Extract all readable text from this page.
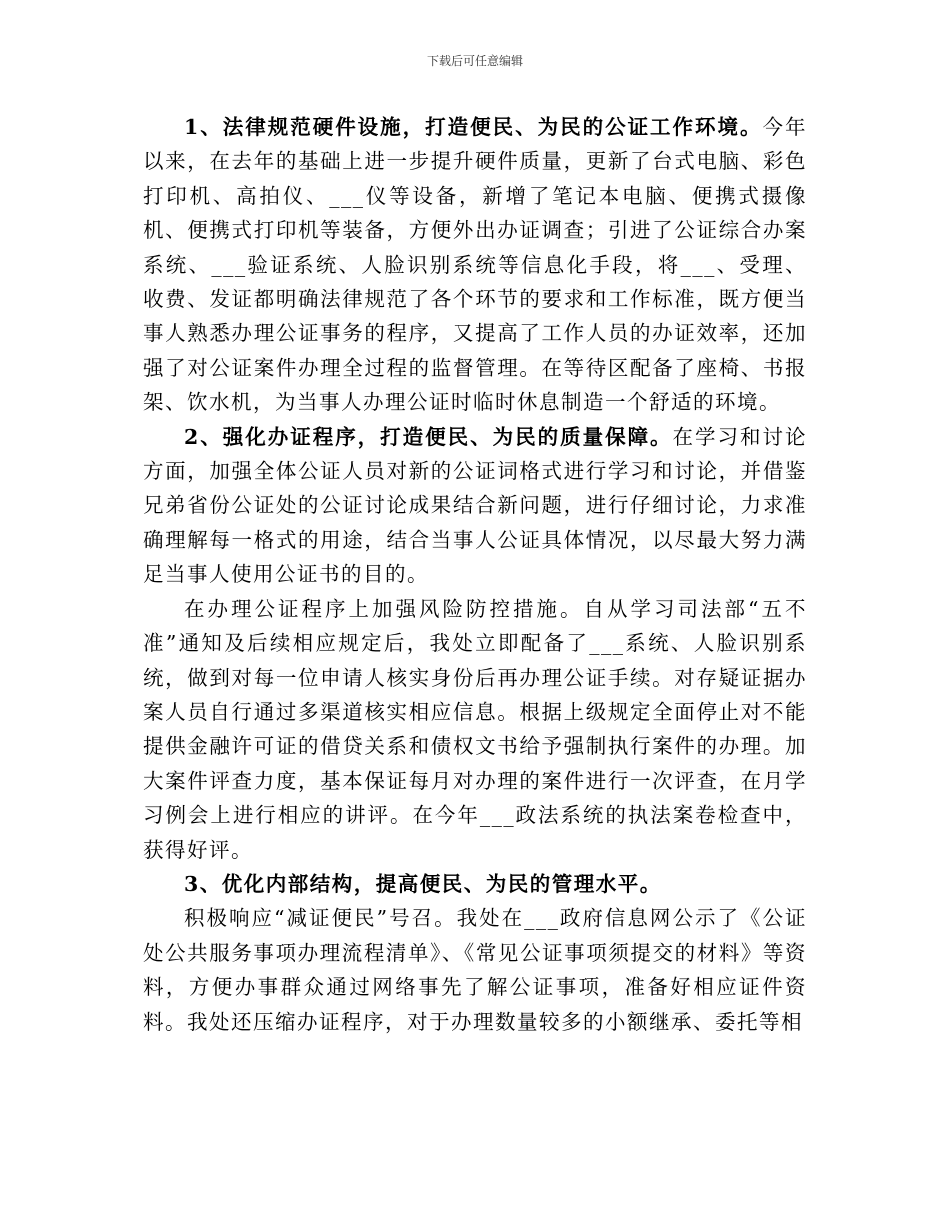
下载后可任意编辑

1、法律规范硬件设施，打造便民、为民的公证工作环境。今年以来，在去年的基础上进一步提升硬件质量，更新了台式电脑、彩色打印机、高拍仪、___仪等设备，新增了笔记本电脑、便携式摄像机、便携式打印机等装备，方便外出办证调查；引进了公证综合办案系统、___验证系统、人脸识别系统等信息化手段，将___、受理、收费、发证都明确法律规范了各个环节的要求和工作标准，既方便当事人熟悉办理公证事务的程序，又提高了工作人员的办证效率，还加强了对公证案件办理全过程的监督管理。在等待区配备了座椅、书报架、饮水机，为当事人办理公证时临时休息制造一个舒适的环境。

2、强化办证程序，打造便民、为民的质量保障。在学习和讨论方面，加强全体公证人员对新的公证词格式进行学习和讨论，并借鉴兄弟省份公证处的公证讨论成果结合新问题，进行仔细讨论，力求准确理解每一格式的用途，结合当事人公证具体情况，以尽最大努力满足当事人使用公证书的目的。

在办理公证程序上加强风险防控措施。自从学习司法部“五不准”通知及后续相应规定后，我处立即配备了___系统、人脸识别系统，做到对每一位申请人核实身份后再办理公证手续。对存疑证据办案人员自行通过多渠道核实相应信息。根据上级规定全面停止对不能提供金融许可证的借贷关系和债权文书给予强制执行案件的办理。加大案件评查力度，基本保证每月对办理的案件进行一次评查，在月学习例会上进行相应的讲评。在今年___政法系统的执法案卷检查中，获得好评。

3、优化内部结构，提高便民、为民的管理水平。

积极响应“减证便民”号召。我处在___政府信息网公示了《公证处公共服务事项办理流程清单》、《常见公证事项须提交的材料》等资料，方便办事群众通过网络事先了解公证事项，准备好相应证件资料。我处还压缩办证程序，对于办理数量较多的小额继承、委托等相
